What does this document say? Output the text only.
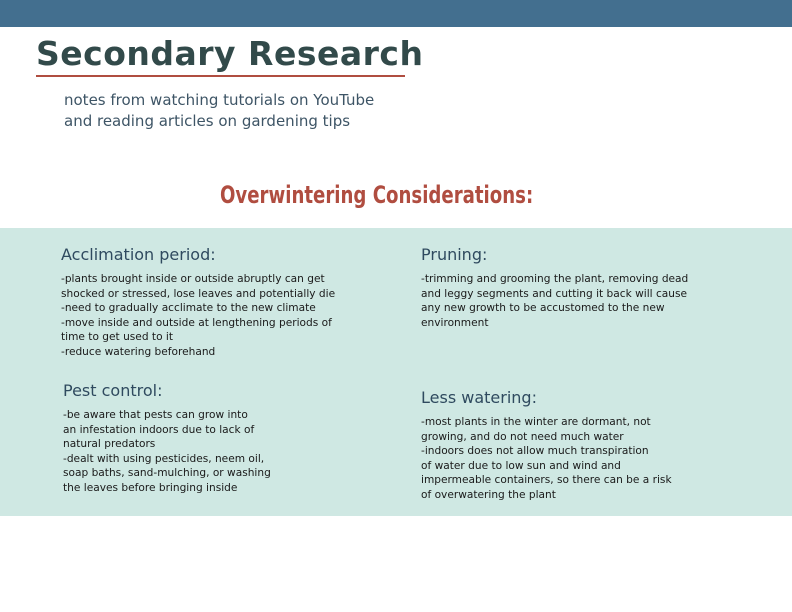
Secondary Research
notes from watching tutorials on YouTube
and reading articles on gardening tips
Overwintering Considerations:
Acclimation period:
-plants brought inside or outside abruptly can get
shocked or stressed, lose leaves and potentially die
-need to gradually acclimate to the new climate
-move inside and outside at lengthening periods of
time to get used to it
-reduce watering beforehand
Pruning:
-trimming and grooming the plant, removing dead
and leggy segments and cutting it back will cause
any new growth to be accustomed to the new
environment
Pest control:
-be aware that pests can grow into
an infestation indoors due to lack of
natural predators
-dealt with using pesticides, neem oil,
soap baths, sand-mulching, or washing
the leaves before bringing inside
Less watering:
-most plants in the winter are dormant, not
growing, and do not need much water
-indoors does not allow much transpiration
of water due to low sun and wind and
impermeable containers, so there can be a risk
of overwatering the plant
